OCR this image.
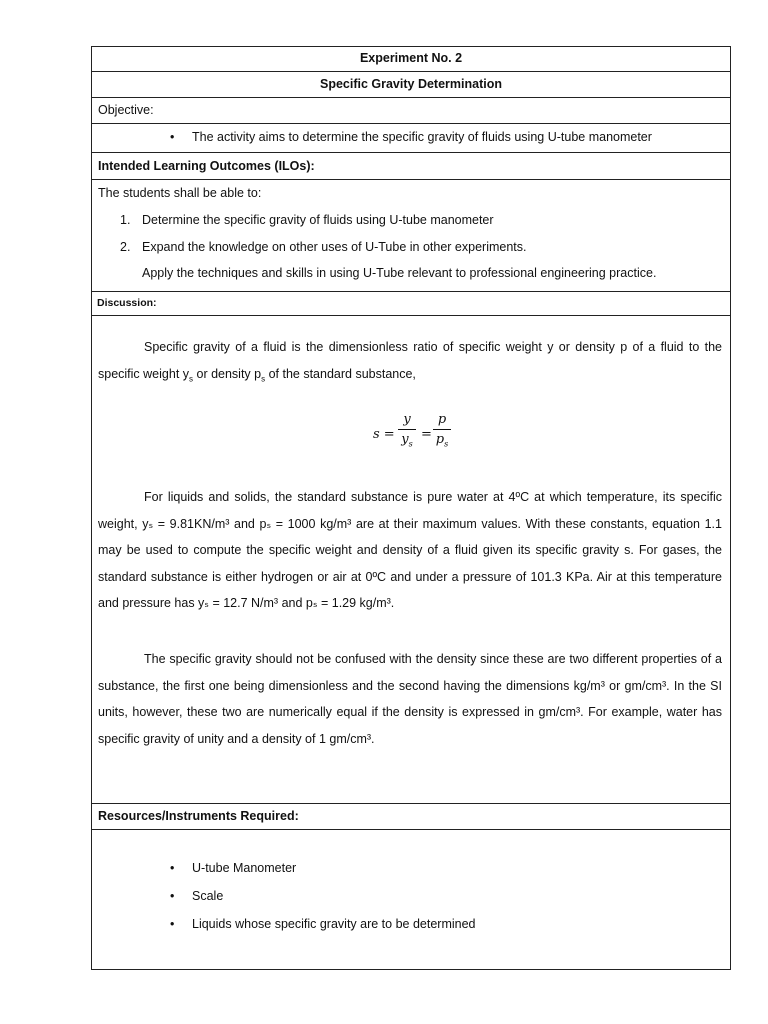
Experiment No. 2
Specific Gravity Determination
Objective:
• The activity aims to determine the specific gravity of fluids using U-tube manometer
Intended Learning Outcomes (ILOs):
The students shall be able to:
1. Determine the specific gravity of fluids using U-tube manometer
2. Expand the knowledge on other uses of U-Tube in other experiments.
Apply the techniques and skills in using U-Tube relevant to professional engineering practice.
Discussion:
Specific gravity of a fluid is the dimensionless ratio of specific weight y or density p of a fluid to the specific weight $y_s$ or density $p_s$ of the standard substance,
s =
y
$y_s$
=
p
$p_s$
For liquids and solids, the standard substance is pure water at 4ºC at which temperature, its specific weight, yₛ = 9.81KN/m³ and pₛ = 1000 kg/m³ are at their maximum values. With these constants, equation 1.1 may be used to compute the specific weight and density of a fluid given its specific gravity s. For gases, the standard substance is either hydrogen or air at 0ºC and under a pressure of 101.3 KPa. Air at this temperature and pressure has yₛ = 12.7 N/m³ and pₛ = 1.29 kg/m³.
The specific gravity should not be confused with the density since these are two different properties of a substance, the first one being dimensionless and the second having the dimensions kg/m³ or gm/cm³. In the SI units, however, these two are numerically equal if the density is expressed in gm/cm³. For example, water has specific gravity of unity and a density of 1 gm/cm³.
Resources/Instruments Required:
• U-tube Manometer
• Scale
• Liquids whose specific gravity are to be determined
